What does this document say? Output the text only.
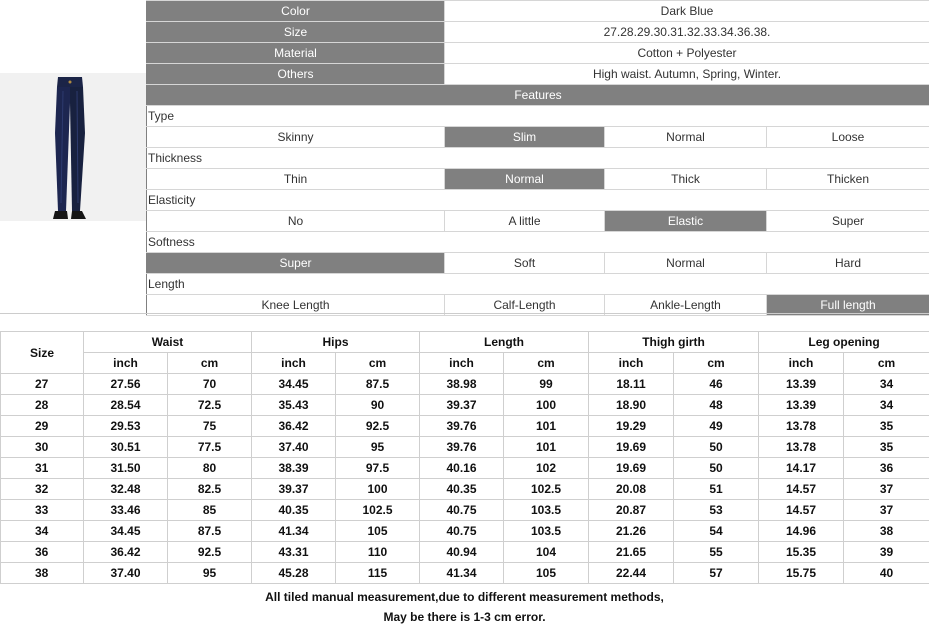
Color	Dark Blue		
Size	27.28.29.30.31.32.33.34.36.38.		
Material	Cotton + Polyester		
Others	High waist. Autumn, Spring, Winter.		
Features			
Type			
Skinny	Slim	Normal	Loose
Thickness			
Thin	Normal	Thick	Thicken
Elasticity			
No	A little	Elastic	Super
Softness			
Super	Soft	Normal	Hard
Length			
Knee Length	Calf-Length	Ankle-Length	Full length
Size	Waist		Hips		Length		Thigh girth		Leg opening	
	inch	cm	inch	cm	inch	cm	inch	cm	inch	cm
27	27.56	70	34.45	87.5	38.98	99	18.11	46	13.39	34
28	28.54	72.5	35.43	90	39.37	100	18.90	48	13.39	34
29	29.53	75	36.42	92.5	39.76	101	19.29	49	13.78	35
30	30.51	77.5	37.40	95	39.76	101	19.69	50	13.78	35
31	31.50	80	38.39	97.5	40.16	102	19.69	50	14.17	36
32	32.48	82.5	39.37	100	40.35	102.5	20.08	51	14.57	37
33	33.46	85	40.35	102.5	40.75	103.5	20.87	53	14.57	37
34	34.45	87.5	41.34	105	40.75	103.5	21.26	54	14.96	38
36	36.42	92.5	43.31	110	40.94	104	21.65	55	15.35	39
38	37.40	95	45.28	115	41.34	105	22.44	57	15.75	40
All tiled manual measurement,due to different measurement methods,
May be there is 1-3 cm error.
